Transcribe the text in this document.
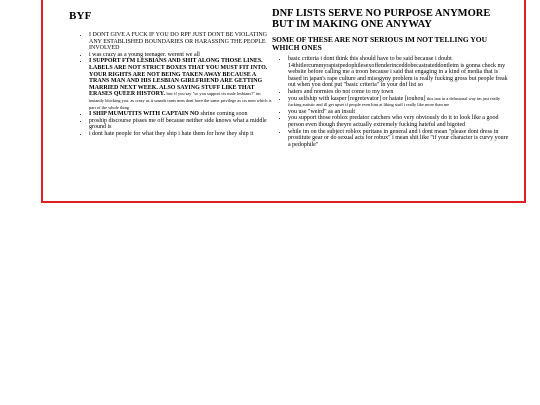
BYF
• I DONT GIVE A FUCK IF YOU DO RPF JUST DONT BE VIOLATING ANY ESTABLISHED BOUNDARIES OR HARASSING THE PEOPLE INVOLVED
• i was crazy as a young teenager. werent we all
• I SUPPORT FTM LESBIANS AND SHIT ALONG THOSE LINES. LABELS ARE NOT STRICT BOXES THAT YOU MUST FIT INTO. YOUR RIGHTS ARE NOT BEING TAKEN AWAY BECAUSE A TRANS MAN AND HIS LESBIAN GIRLFRIEND ARE GETTING MARRIED NEXT WEEK. ALSO SAYING STUFF LIKE THAT ERASES QUEER HISTORY. btw if you say "so you support cis male lesbians?" im instantly blocking you. as crazy as it sounds trans men dont have the same privilege as cis men which is part of the whole thing
• I SHIP MUMUTITS WITH CAPTAIN NO shrine coming soon
• proship discourse pisses me off because neither side knows what a middle ground is
• i dont hate people for what they ship i hate them for how they ship it
DNF LISTS SERVE NO PURPOSE ANYMORE BUT IM MAKING ONE ANYWAY
SOME OF THESE ARE NOT SERIOUS IM NOT TELLING YOU WHICH ONES
• basic criteria i dont think this should have to be said because i doubt 14thitlercummyrapistpedophilesexoffenderinceddobecastrateddontletm is gonna check my website before calling me a troon because i said that engaging in a kind of media that is based in japan's rape culture and misogyny problem is really fucking gross but people freak out when you dont put "basic criteria" in your dnf list so
• haters and normies do not come to my town
• you selfship with kasper [regretevator] or hatate [touhou] this isnt in a delusional way im just really fucking autistic and ill get upset if people even hint at liking stuff i really like more than me
• you use "weird" as an insult
• you support those roblox predator catchers who very obviously do it to look like a good person even though theyre actually extremely fucking hateful and bigoted
• while im on the subject roblox puritans in general and i dont mean "please dont dress in prostitute gear or do sexual acts for robux" i mean shit like "if your character is curvy youre a pedophile"
